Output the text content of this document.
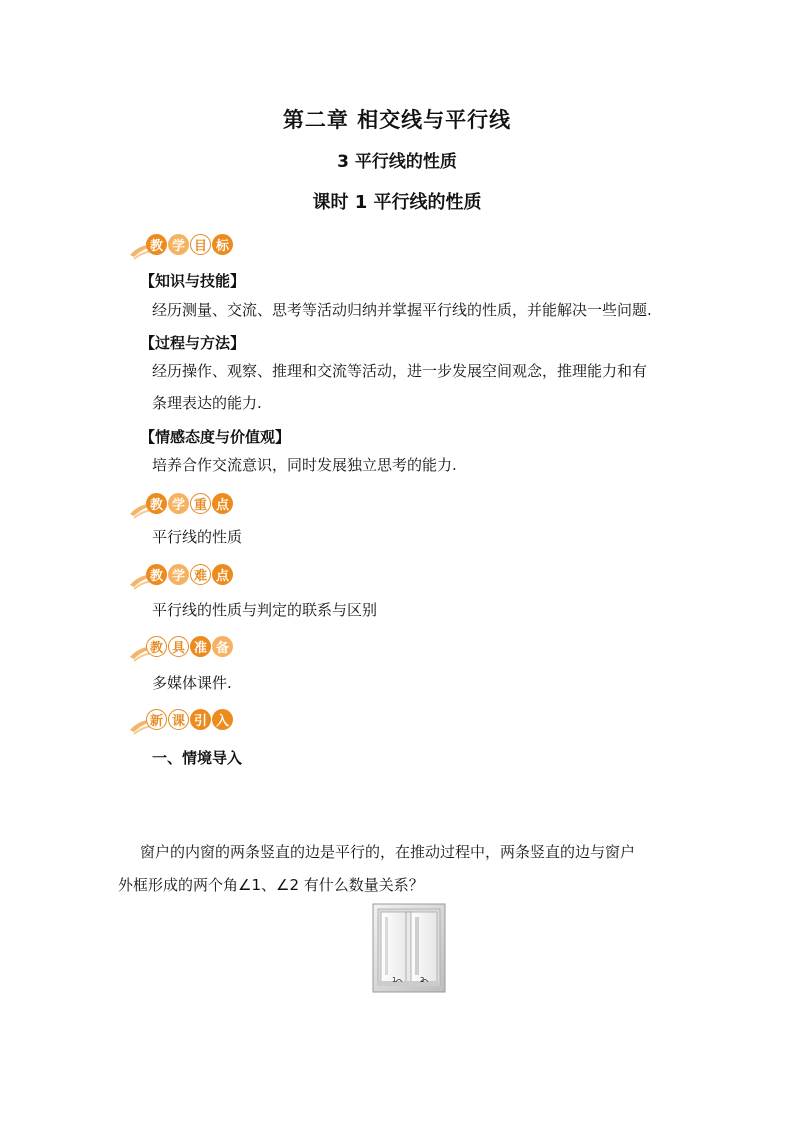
第二章 相交线与平行线
3 平行线的性质
课时 1 平行线的性质
教 学 目 标
【知识与技能】
经历测量、交流、思考等活动归纳并掌握平行线的性质，并能解决一些问题.
【过程与方法】
经历操作、观察、推理和交流等活动，进一步发展空间观念，推理能力和有
条理表达的能力.
【情感态度与价值观】
培养合作交流意识，同时发展独立思考的能力.
教 学 重 点
平行线的性质
教 学 难 点
平行线的性质与判定的联系与区别
教 具 准 备
多媒体课件.
新 课 引 入
一、情境导入
窗户的内窗的两条竖直的边是平行的，在推动过程中，两条竖直的边与窗户
外框形成的两个角∠1、∠2 有什么数量关系？
1	2
